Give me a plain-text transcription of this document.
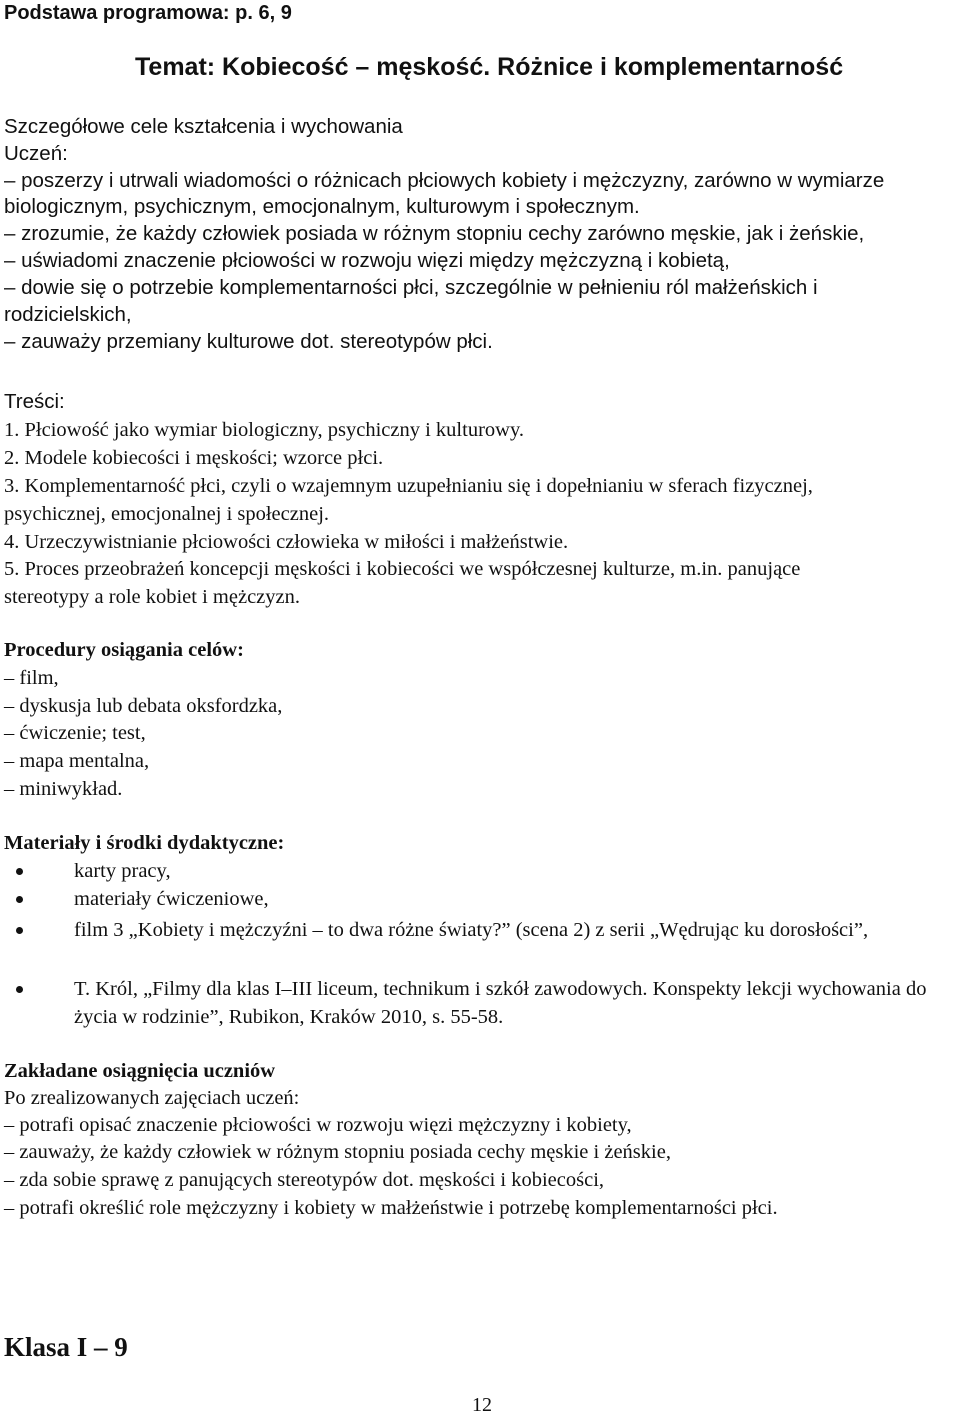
Podstawa programowa: p. 6, 9
Temat: Kobiecość – męskość. Różnice i komplementarność
Szczegółowe cele kształcenia i wychowania
Uczeń:
– poszerzy i utrwali wiadomości o różnicach płciowych kobiety i mężczyzny, zarówno w wymiarze
biologicznym, psychicznym, emocjonalnym, kulturowym i społecznym.
– zrozumie, że każdy człowiek posiada w różnym stopniu cechy zarówno męskie, jak i żeńskie,
– uświadomi znaczenie płciowości w rozwoju więzi między mężczyzną i kobietą,
– dowie się o potrzebie komplementarności płci, szczególnie w pełnieniu ról małżeńskich i
rodzicielskich,
– zauważy przemiany kulturowe dot. stereotypów płci.
Treści:
1. Płciowość jako wymiar biologiczny, psychiczny i kulturowy.
2. Modele kobiecości i męskości; wzorce płci.
3. Komplementarność płci, czyli o wzajemnym uzupełnianiu się i dopełnianiu w sferach fizycznej,
psychicznej, emocjonalnej i społecznej.
4. Urzeczywistnianie płciowości człowieka w miłości i małżeństwie.
5. Proces przeobrażeń koncepcji męskości i kobiecości we współczesnej kulturze, m.in. panujące
stereotypy a role kobiet i mężczyzn.
Procedury osiągania celów:
– film,
– dyskusja lub debata oksfordzka,
– ćwiczenie; test,
– mapa mentalna,
– miniwykład.
Materiały i środki dydaktyczne:
karty pracy,
materiały ćwiczeniowe,
film 3 „Kobiety i mężczyźni – to dwa różne światy?” (scena 2) z serii „Wędrując ku dorosłości”,
T. Król, „Filmy dla klas I–III liceum, technikum i szkół zawodowych. Konspekty lekcji wychowania do życia w rodzinie”, Rubikon, Kraków 2010, s. 55-58.
Zakładane osiągnięcia uczniów
Po zrealizowanych zajęciach uczeń:
– potrafi opisać znaczenie płciowości w rozwoju więzi mężczyzny i kobiety,
– zauważy, że każdy człowiek w różnym stopniu posiada cechy męskie i żeńskie,
– zda sobie sprawę z panujących stereotypów dot. męskości i kobiecości,
– potrafi określić role mężczyzny i kobiety w małżeństwie i potrzebę komplementarności płci.
Klasa I – 9
12
